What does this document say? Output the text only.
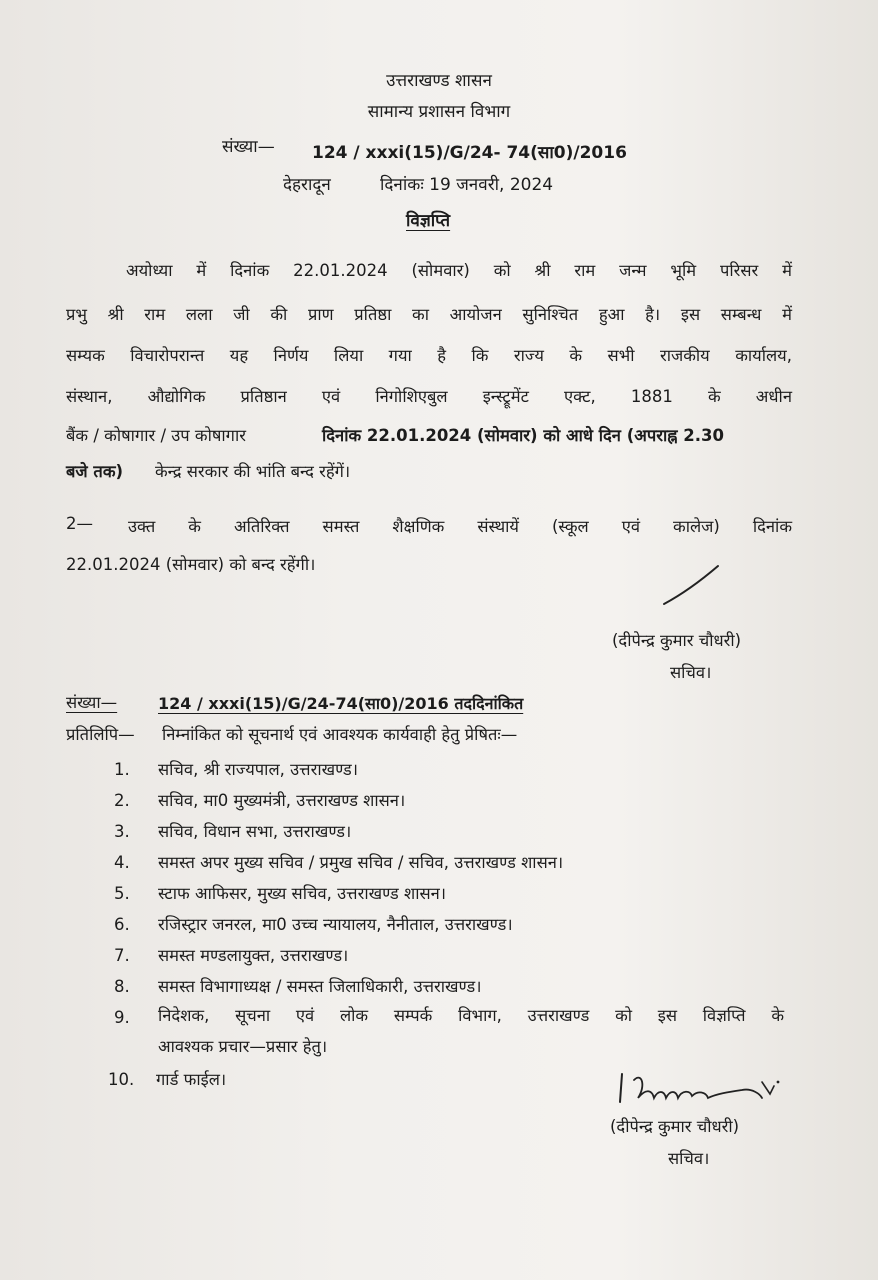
उत्तराखण्ड शासन
सामान्य प्रशासन विभाग
संख्या— 124 / xxxi(15)/G/24- 74(सा0)/2016
देहरादून	दिनांकः 19 जनवरी, 2024
विज्ञप्ति
अयोध्या में दिनांक 22.01.2024 (सोमवार) को श्री राम जन्म भूमि परिसर में
प्रभु श्री राम लला जी की प्राण प्रतिष्ठा का आयोजन सुनिश्चित हुआ है। इस सम्बन्ध में
सम्यक विचारोपरान्त यह निर्णय लिया गया है कि राज्य के सभी राजकीय कार्यालय,
संस्थान, औद्योगिक प्रतिष्ठान एवं निगोशिएबुल इन्स्ट्रूमेंट एक्ट, 1881 के अधीन
बैंक / कोषागार / उप कोषागार	दिनांक 22.01.2024 (सोमवार) को आधे दिन (अपराह्न 2.30
बजे तक) केन्द्र सरकार की भांति बन्द रहेंगें।
2— उक्त के अतिरिक्त समस्त शैक्षणिक संस्थायें (स्कूल एवं कालेज) दिनांक
22.01.2024 (सोमवार) को बन्द रहेंगी।
(दीपेन्द्र कुमार चौधरी)
सचिव।
संख्या—	124 / xxxi(15)/G/24-74(सा0)/2016 तददिनांकित
प्रतिलिपि— निम्नांकित को सूचनार्थ एवं आवश्यक कार्यवाही हेतु प्रेषितः—
1. सचिव, श्री राज्यपाल, उत्तराखण्ड।
2. सचिव, मा0 मुख्यमंत्री, उत्तराखण्ड शासन।
3. सचिव, विधान सभा, उत्तराखण्ड।
4. समस्त अपर मुख्य सचिव / प्रमुख सचिव / सचिव, उत्तराखण्ड शासन।
5. स्टाफ आफिसर, मुख्य सचिव, उत्तराखण्ड शासन।
6. रजिस्ट्रार जनरल, मा0 उच्च न्यायालय, नैनीताल, उत्तराखण्ड।
7. समस्त मण्डलायुक्त, उत्तराखण्ड।
8. समस्त विभागाध्यक्ष / समस्त जिलाधिकारी, उत्तराखण्ड।
9. निदेशक, सूचना एवं लोक सम्पर्क विभाग, उत्तराखण्ड को इस विज्ञप्ति के
आवश्यक प्रचार—प्रसार हेतु।
10. गार्ड फाईल।
(दीपेन्द्र कुमार चौधरी)
सचिव।
